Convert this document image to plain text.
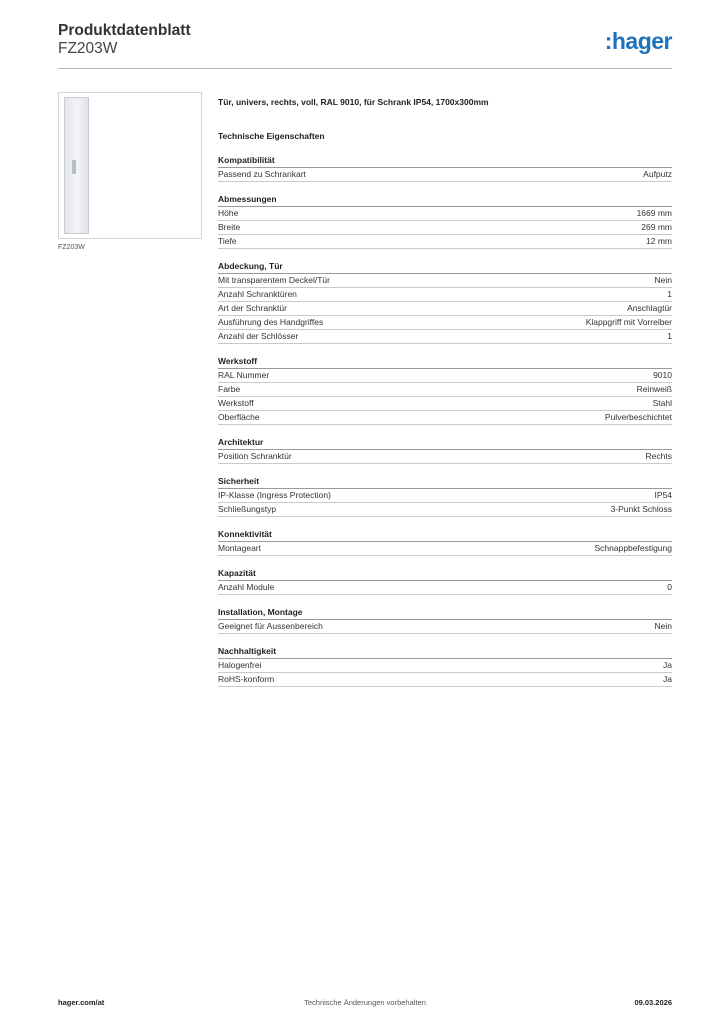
Produktdatenblatt
FZ203W	:hager
FZ203W
Tür, univers, rechts, voll, RAL 9010, für Schrank IP54, 1700x300mm
Technische Eigenschaften
Kompatibilität
Passend zu Schrankart	Aufputz
Abmessungen
Höhe	1669 mm
Breite	269 mm
Tiefe	12 mm
Abdeckung, Tür
Mit transparentem Deckel/Tür	Nein
Anzahl Schranktüren	1
Art der Schranktür	Anschlagtür
Ausführung des Handgriffes	Klappgriff mit Vorreiber
Anzahl der Schlösser	1
Werkstoff
RAL Nummer	9010
Farbe	Reinweiß
Werkstoff	Stahl
Oberfläche	Pulverbeschichtet
Architektur
Position Schranktür	Rechts
Sicherheit
IP-Klasse (Ingress Protection)	IP54
Schließungstyp	3-Punkt Schloss
Konnektivität
Montageart	Schnappbefestigung
Kapazität
Anzahl Module	0
Installation, Montage
Geeignet für Aussenbereich	Nein
Nachhaltigkeit
Halogenfrei	Ja
RoHS-konform	Ja
hager.com/at	Technische Änderungen vorbehalten	09.03.2026
